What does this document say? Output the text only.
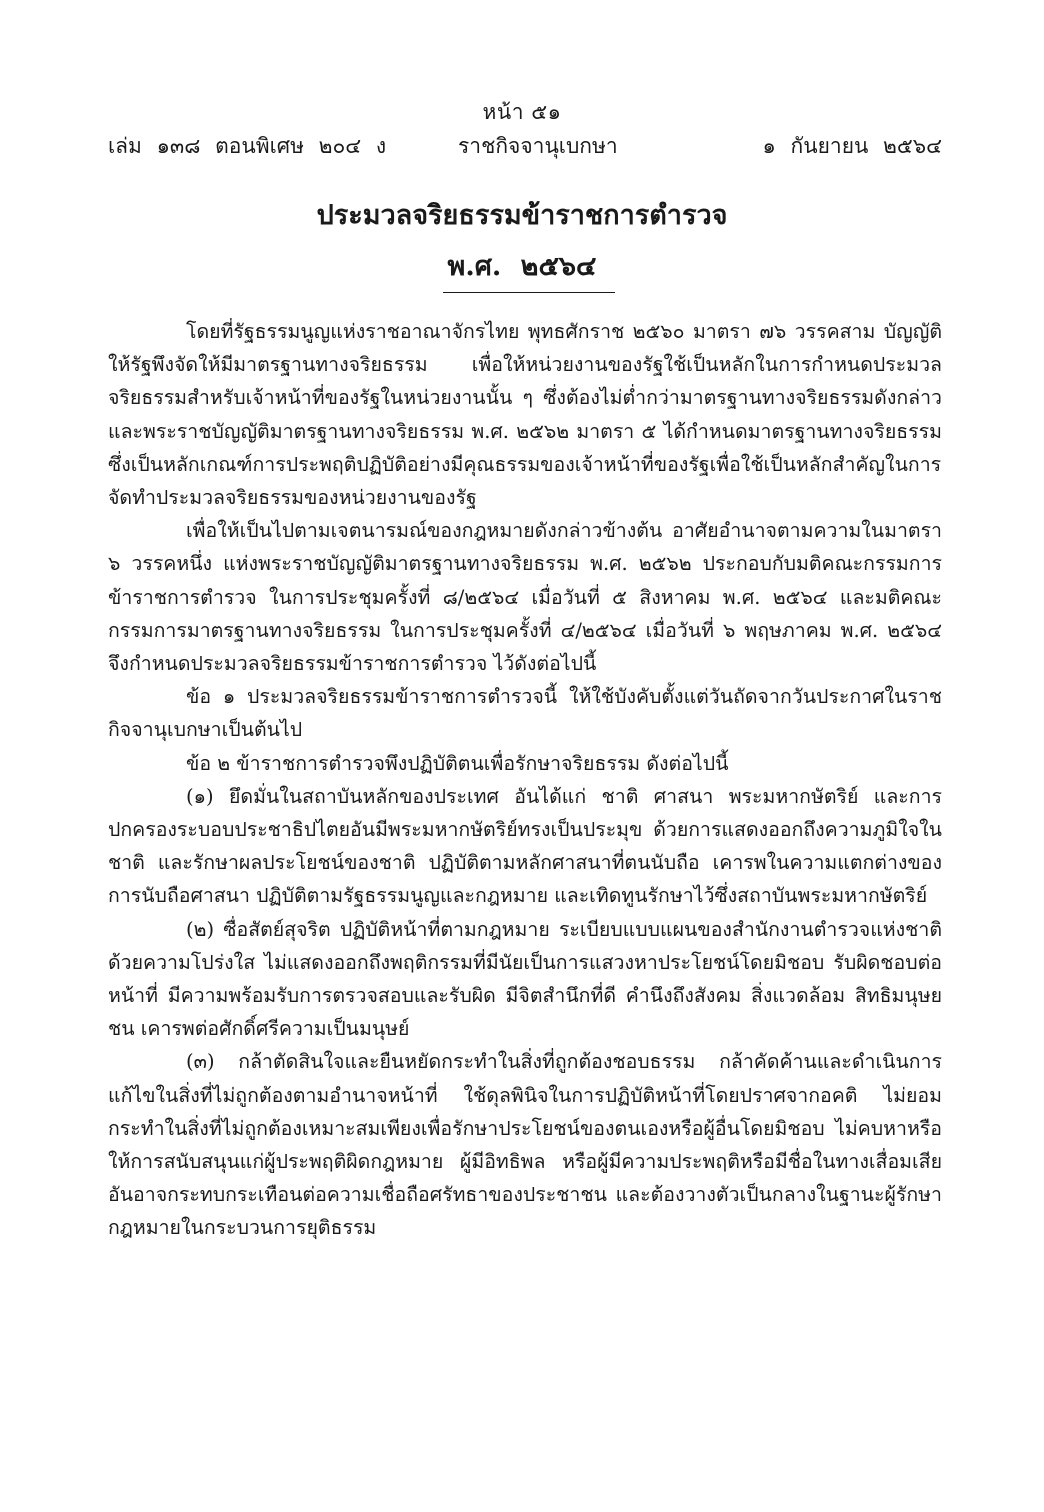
หน้า ๕๑
เล่ม ๑๓๘ ตอนพิเศษ ๒๐๔ ง	ราชกิจจานุเบกษา	๑ กันยายน ๒๕๖๔
ประมวลจริยธรรมข้าราชการตำรวจ
พ.ศ. ๒๕๖๔

โดยที่รัฐธรรมนูญแห่งราชอาณาจักรไทย พุทธศักราช ๒๕๖๐ มาตรา ๗๖ วรรคสาม บัญญัติให้รัฐพึงจัดให้มีมาตรฐานทางจริยธรรม เพื่อให้หน่วยงานของรัฐใช้เป็นหลักในการกำหนดประมวลจริยธรรมสำหรับเจ้าหน้าที่ของรัฐในหน่วยงานนั้น ๆ ซึ่งต้องไม่ต่ำกว่ามาตรฐานทางจริยธรรมดังกล่าว และพระราชบัญญัติมาตรฐานทางจริยธรรม พ.ศ. ๒๕๖๒ มาตรา ๕ ได้กำหนดมาตรฐานทางจริยธรรมซึ่งเป็นหลักเกณฑ์การประพฤติปฏิบัติอย่างมีคุณธรรมของเจ้าหน้าที่ของรัฐเพื่อใช้เป็นหลักสำคัญในการจัดทำประมวลจริยธรรมของหน่วยงานของรัฐ

เพื่อให้เป็นไปตามเจตนารมณ์ของกฎหมายดังกล่าวข้างต้น อาศัยอำนาจตามความในมาตรา ๖ วรรคหนึ่ง แห่งพระราชบัญญัติมาตรฐานทางจริยธรรม พ.ศ. ๒๕๖๒ ประกอบกับมติคณะกรรมการข้าราชการตำรวจ ในการประชุมครั้งที่ ๘/๒๕๖๔ เมื่อวันที่ ๕ สิงหาคม พ.ศ. ๒๕๖๔ และมติคณะกรรมการมาตรฐานทางจริยธรรม ในการประชุมครั้งที่ ๔/๒๕๖๔ เมื่อวันที่ ๖ พฤษภาคม พ.ศ. ๒๕๖๔ จึงกำหนดประมวลจริยธรรมข้าราชการตำรวจ ไว้ดังต่อไปนี้

ข้อ ๑ ประมวลจริยธรรมข้าราชการตำรวจนี้ ให้ใช้บังคับตั้งแต่วันถัดจากวันประกาศในราชกิจจานุเบกษาเป็นต้นไป

ข้อ ๒ ข้าราชการตำรวจพึงปฏิบัติตนเพื่อรักษาจริยธรรม ดังต่อไปนี้

(๑) ยึดมั่นในสถาบันหลักของประเทศ อันได้แก่ ชาติ ศาสนา พระมหากษัตริย์ และการปกครองระบอบประชาธิปไตยอันมีพระมหากษัตริย์ทรงเป็นประมุข ด้วยการแสดงออกถึงความภูมิใจในชาติ และรักษาผลประโยชน์ของชาติ ปฏิบัติตามหลักศาสนาที่ตนนับถือ เคารพในความแตกต่างของการนับถือศาสนา ปฏิบัติตามรัฐธรรมนูญและกฎหมาย และเทิดทูนรักษาไว้ซึ่งสถาบันพระมหากษัตริย์

(๒) ซื่อสัตย์สุจริต ปฏิบัติหน้าที่ตามกฎหมาย ระเบียบแบบแผนของสำนักงานตำรวจแห่งชาติด้วยความโปร่งใส ไม่แสดงออกถึงพฤติกรรมที่มีนัยเป็นการแสวงหาประโยชน์โดยมิชอบ รับผิดชอบต่อหน้าที่ มีความพร้อมรับการตรวจสอบและรับผิด มีจิตสำนึกที่ดี คำนึงถึงสังคม สิ่งแวดล้อม สิทธิมนุษยชน เคารพต่อศักดิ์ศรีความเป็นมนุษย์

(๓) กล้าตัดสินใจและยืนหยัดกระทำในสิ่งที่ถูกต้องชอบธรรม กล้าคัดค้านและดำเนินการแก้ไขในสิ่งที่ไม่ถูกต้องตามอำนาจหน้าที่ ใช้ดุลพินิจในการปฏิบัติหน้าที่โดยปราศจากอคติ ไม่ยอมกระทำในสิ่งที่ไม่ถูกต้องเหมาะสมเพียงเพื่อรักษาประโยชน์ของตนเองหรือผู้อื่นโดยมิชอบ ไม่คบหาหรือให้การสนับสนุนแก่ผู้ประพฤติผิดกฎหมาย ผู้มีอิทธิพล หรือผู้มีความประพฤติหรือมีชื่อในทางเสื่อมเสีย อันอาจกระทบกระเทือนต่อความเชื่อถือศรัทธาของประชาชน และต้องวางตัวเป็นกลางในฐานะผู้รักษากฎหมายในกระบวนการยุติธรรม
